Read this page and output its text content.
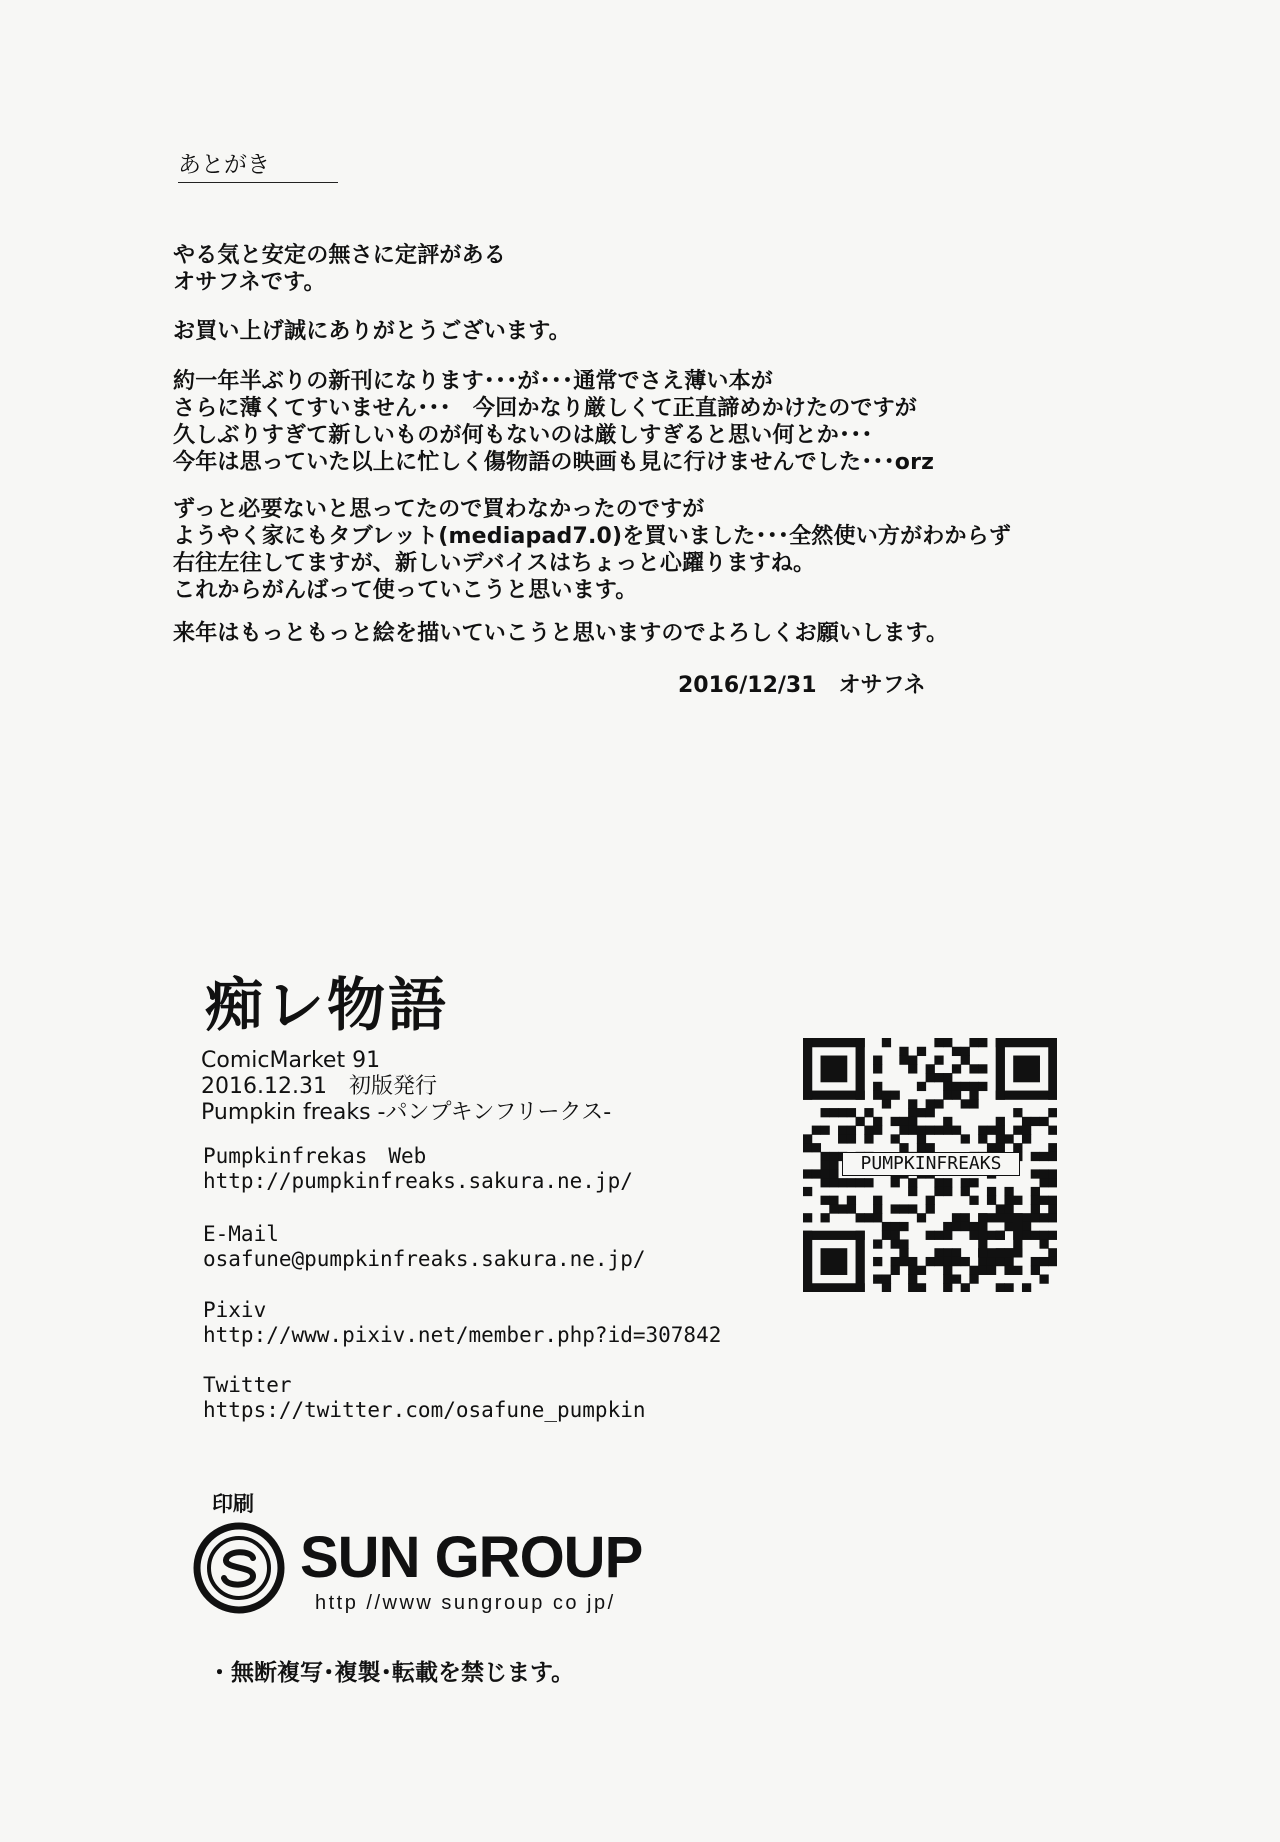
あとがき
やる気と安定の無さに定評がある
オサフネです。
お買い上げ誠にありがとうございます。
約一年半ぶりの新刊になります･･･が･･･通常でさえ薄い本が
さらに薄くてすいません･･･　今回かなり厳しくて正直諦めかけたのですが
久しぶりすぎて新しいものが何もないのは厳しすぎると思い何とか･･･
今年は思っていた以上に忙しく傷物語の映画も見に行けませんでした･･･orz
ずっと必要ないと思ってたので買わなかったのですが
ようやく家にもタブレット(mediapad7.0)を買いました･･･全然使い方がわからず
右往左往してますが、新しいデバイスはちょっと心躍りますね。
これからがんばって使っていこうと思います。
来年はもっともっと絵を描いていこうと思いますのでよろしくお願いします。
2016/12/31　オサフネ
痴レ物語
ComicMarket 91
2016.12.31　初版発行
Pumpkin freaks -パンプキンフリークス-
Pumpkinfrekas　Web
http://pumpkinfreaks.sakura.ne.jp/
E-Mail
osafune@pumpkinfreaks.sakura.ne.jp/
Pixiv
http://www.pixiv.net/member.php?id=307842
Twitter
https://twitter.com/osafune_pumpkin
PUMPKINFREAKS
印刷
SUN GROUP
http //www sungroup co jp/
・無断複写･複製･転載を禁じます。
